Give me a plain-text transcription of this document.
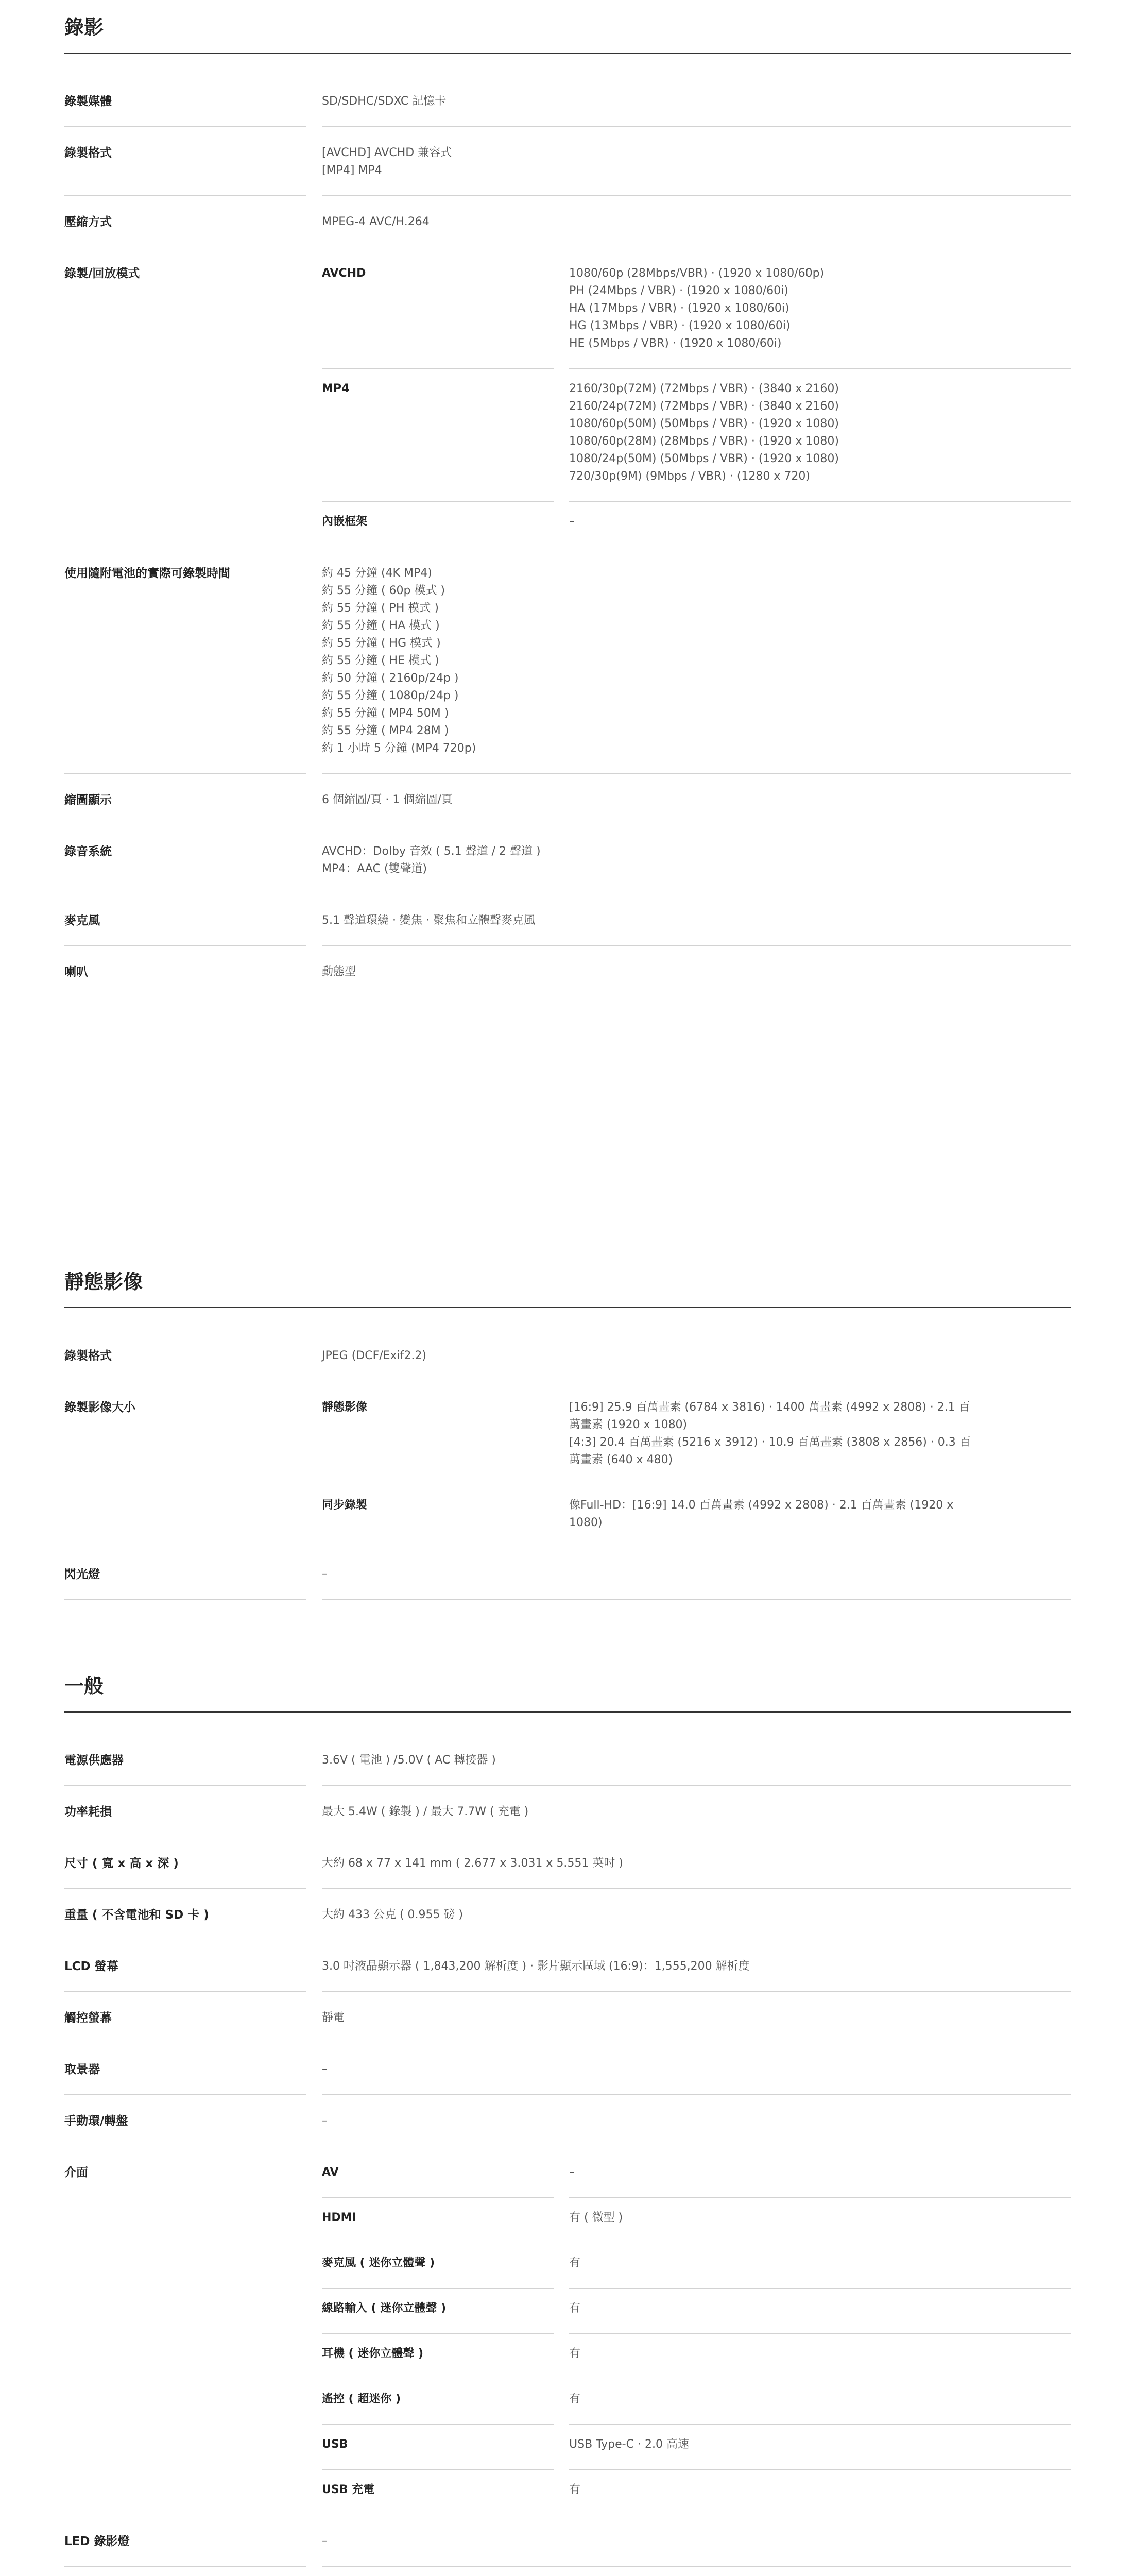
錄影
錄製媒體	SD/SDHC/SDXC 記憶卡
錄製格式	[AVCHD] AVCHD 兼容式
[MP4] MP4
壓縮方式	MPEG-4 AVC/H.264
錄製/回放模式	AVCHD	1080/60p (28Mbps/VBR) · (1920 x 1080/60p)
PH (24Mbps / VBR) · (1920 x 1080/60i)
HA (17Mbps / VBR) · (1920 x 1080/60i)
HG (13Mbps / VBR) · (1920 x 1080/60i)
HE (5Mbps / VBR) · (1920 x 1080/60i)
MP4	2160/30p(72M) (72Mbps / VBR) · (3840 x 2160)
2160/24p(72M) (72Mbps / VBR) · (3840 x 2160)
1080/60p(50M) (50Mbps / VBR) · (1920 x 1080)
1080/60p(28M) (28Mbps / VBR) · (1920 x 1080)
1080/24p(50M) (50Mbps / VBR) · (1920 x 1080)
720/30p(9M) (9Mbps / VBR) · (1280 x 720)
內嵌框架	–
使用隨附電池的實際可錄製時間	約 45 分鐘 (4K MP4)
約 55 分鐘 ( 60p 模式 )
約 55 分鐘 ( PH 模式 )
約 55 分鐘 ( HA 模式 )
約 55 分鐘 ( HG 模式 )
約 55 分鐘 ( HE 模式 )
約 50 分鐘 ( 2160p/24p )
約 55 分鐘 ( 1080p/24p )
約 55 分鐘 ( MP4 50M )
約 55 分鐘 ( MP4 28M )
約 1 小時 5 分鐘 (MP4 720p)
縮圖顯示	6 個縮圖/頁 · 1 個縮圖/頁
錄音系統	AVCHD：Dolby 音效 ( 5.1 聲道 / 2 聲道 )
MP4：AAC (雙聲道)
麥克風	5.1 聲道環繞 · 變焦 · 聚焦和立體聲麥克風
喇叭	動態型
靜態影像
錄製格式	JPEG (DCF/Exif2.2)
錄製影像大小	靜態影像	[16:9] 25.9 百萬畫素 (6784 x 3816) · 1400 萬畫素 (4992 x 2808) · 2.1 百
萬畫素 (1920 x 1080)
[4:3] 20.4 百萬畫素 (5216 x 3912) · 10.9 百萬畫素 (3808 x 2856) · 0.3 百
萬畫素 (640 x 480)
同步錄製	像Full-HD：[16:9] 14.0 百萬畫素 (4992 x 2808) · 2.1 百萬畫素 (1920 x
1080)
閃光燈	–
一般
電源供應器	3.6V ( 電池 ) /5.0V ( AC 轉接器 )
功率耗損	最大 5.4W ( 錄製 ) / 最大 7.7W ( 充電 )
尺寸 ( 寬 x 高 x 深 )	大約 68 x 77 x 141 mm ( 2.677 x 3.031 x 5.551 英吋 )
重量 ( 不含電池和 SD 卡 )	大約 433 公克 ( 0.955 磅 )
LCD 螢幕	3.0 吋液晶顯示器 ( 1,843,200 解析度 ) · 影片顯示區域 (16:9)：1,555,200 解析度
觸控螢幕	靜電
取景器	–
手動環/轉盤	–
介面	AV	–
HDMI	有 ( 微型 )
麥克風 ( 迷你立體聲 )	有
線路輸入 ( 迷你立體聲 )	有
耳機 ( 迷你立體聲 )	有
遙控 ( 超迷你 )	有
USB	USB Type-C · 2.0 高速
USB 充電	有
LED 錄影燈	–
